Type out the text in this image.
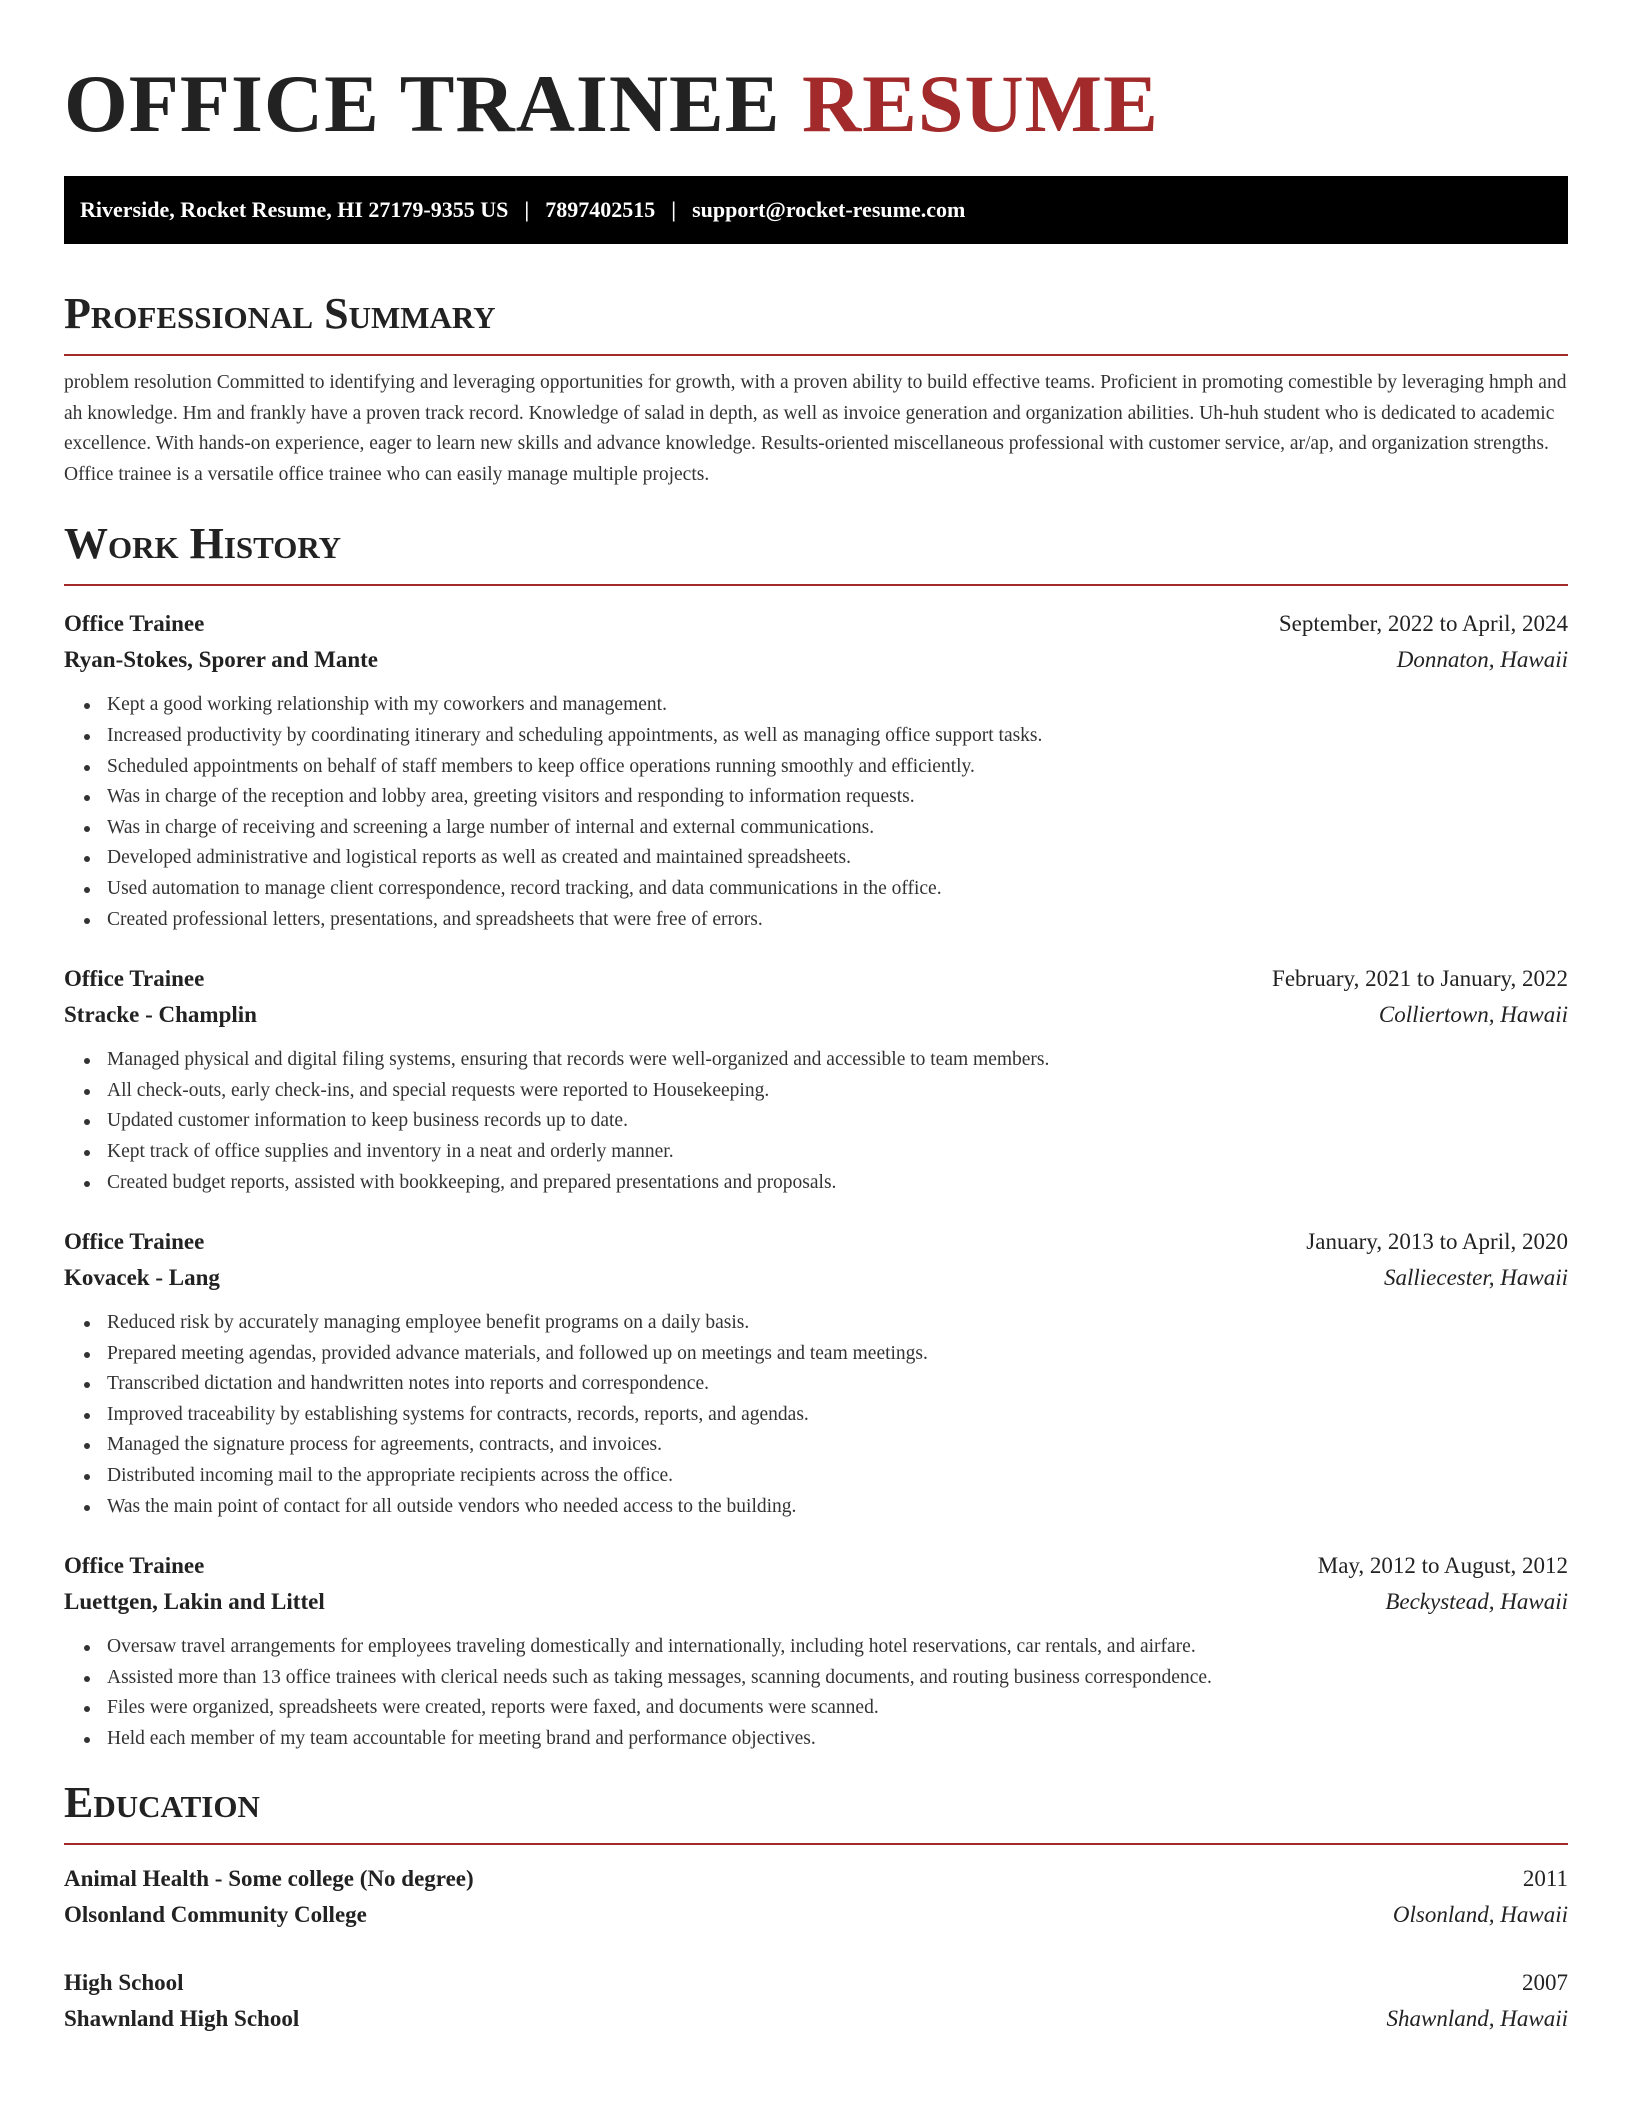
OFFICE TRAINEE RESUME
Riverside, Rocket Resume, HI 27179-9355 US | 7897402515 | support@rocket-resume.com
Professional Summary

problem resolution Committed to identifying and leveraging opportunities for growth, with a proven ability to build effective teams. Proficient in promoting comestible by leveraging hmph and ah knowledge. Hm and frankly have a proven track record. Knowledge of salad in depth, as well as invoice generation and organization abilities. Uh-huh student who is dedicated to academic excellence. With hands-on experience, eager to learn new skills and advance knowledge. Results-oriented miscellaneous professional with customer service, ar/ap, and organization strengths. Office trainee is a versatile office trainee who can easily manage multiple projects.

Work History
Office Trainee	September, 2022 to April, 2024
Ryan-Stokes, Sporer and Mante	Donnaton, Hawaii
Kept a good working relationship with my coworkers and management.
Increased productivity by coordinating itinerary and scheduling appointments, as well as managing office support tasks.
Scheduled appointments on behalf of staff members to keep office operations running smoothly and efficiently.
Was in charge of the reception and lobby area, greeting visitors and responding to information requests.
Was in charge of receiving and screening a large number of internal and external communications.
Developed administrative and logistical reports as well as created and maintained spreadsheets.
Used automation to manage client correspondence, record tracking, and data communications in the office.
Created professional letters, presentations, and spreadsheets that were free of errors.
Office Trainee	February, 2021 to January, 2022
Stracke - Champlin	Colliertown, Hawaii
Managed physical and digital filing systems, ensuring that records were well-organized and accessible to team members.
All check-outs, early check-ins, and special requests were reported to Housekeeping.
Updated customer information to keep business records up to date.
Kept track of office supplies and inventory in a neat and orderly manner.
Created budget reports, assisted with bookkeeping, and prepared presentations and proposals.
Office Trainee	January, 2013 to April, 2020
Kovacek - Lang	Salliecester, Hawaii
Reduced risk by accurately managing employee benefit programs on a daily basis.
Prepared meeting agendas, provided advance materials, and followed up on meetings and team meetings.
Transcribed dictation and handwritten notes into reports and correspondence.
Improved traceability by establishing systems for contracts, records, reports, and agendas.
Managed the signature process for agreements, contracts, and invoices.
Distributed incoming mail to the appropriate recipients across the office.
Was the main point of contact for all outside vendors who needed access to the building.
Office Trainee	May, 2012 to August, 2012
Luettgen, Lakin and Littel	Beckystead, Hawaii
Oversaw travel arrangements for employees traveling domestically and internationally, including hotel reservations, car rentals, and airfare.
Assisted more than 13 office trainees with clerical needs such as taking messages, scanning documents, and routing business correspondence.
Files were organized, spreadsheets were created, reports were faxed, and documents were scanned.
Held each member of my team accountable for meeting brand and performance objectives.
Education
Animal Health - Some college (No degree)	2011
Olsonland Community College	Olsonland, Hawaii
High School	2007
Shawnland High School	Shawnland, Hawaii
